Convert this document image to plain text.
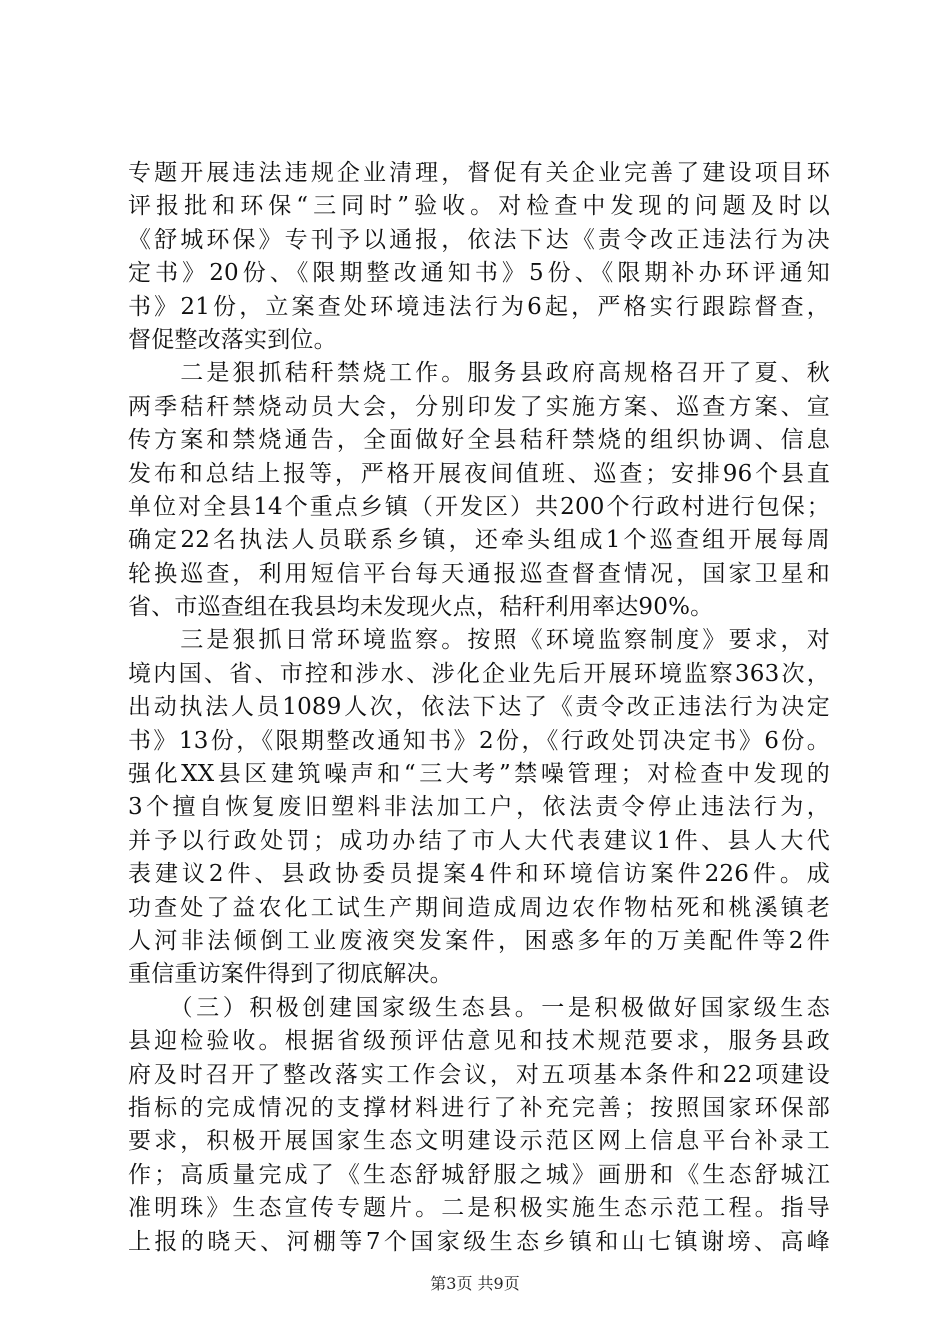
专题开展违法违规企业清理，督促有关企业完善了建设项目环
评报批和环保“三同时”验收。对检查中发现的问题及时以
《舒城环保》专刊予以通报，依法下达《责令改正违法行为决
定书》20份、《限期整改通知书》5份、《限期补办环评通知
书》21份，立案查处环境违法行为6起，严格实行跟踪督查，
督促整改落实到位。
　　二是狠抓秸秆禁烧工作。服务县政府高规格召开了夏、秋
两季秸秆禁烧动员大会，分别印发了实施方案、巡查方案、宣
传方案和禁烧通告，全面做好全县秸秆禁烧的组织协调、信息
发布和总结上报等，严格开展夜间值班、巡查；安排96个县直
单位对全县14个重点乡镇（开发区）共200个行政村进行包保；
确定22名执法人员联系乡镇，还牵头组成1个巡查组开展每周
轮换巡查，利用短信平台每天通报巡查督查情况，国家卫星和
省、市巡查组在我县均未发现火点，秸秆利用率达90%。
　　三是狠抓日常环境监察。按照《环境监察制度》要求，对
境内国、省、市控和涉水、涉化企业先后开展环境监察363次，
出动执法人员1089人次，依法下达了《责令改正违法行为决定
书》13份，《限期整改通知书》2份，《行政处罚决定书》6份。
强化XX县区建筑噪声和“三大考”禁噪管理；对检查中发现的
3个擅自恢复废旧塑料非法加工户，依法责令停止违法行为，
并予以行政处罚；成功办结了市人大代表建议1件、县人大代
表建议2件、县政协委员提案4件和环境信访案件226件。成
功查处了益农化工试生产期间造成周边农作物枯死和桃溪镇老
人河非法倾倒工业废液突发案件，困惑多年的万美配件等2件
重信重访案件得到了彻底解决。
　　（三）积极创建国家级生态县。一是积极做好国家级生态
县迎检验收。根据省级预评估意见和技术规范要求，服务县政
府及时召开了整改落实工作会议，对五项基本条件和22项建设
指标的完成情况的支撑材料进行了补充完善；按照国家环保部
要求，积极开展国家生态文明建设示范区网上信息平台补录工
作；高质量完成了《生态舒城舒服之城》画册和《生态舒城江
准明珠》生态宣传专题片。二是积极实施生态示范工程。指导
上报的晓天、河棚等7个国家级生态乡镇和山七镇谢塝、高峰
第3页 共9页
